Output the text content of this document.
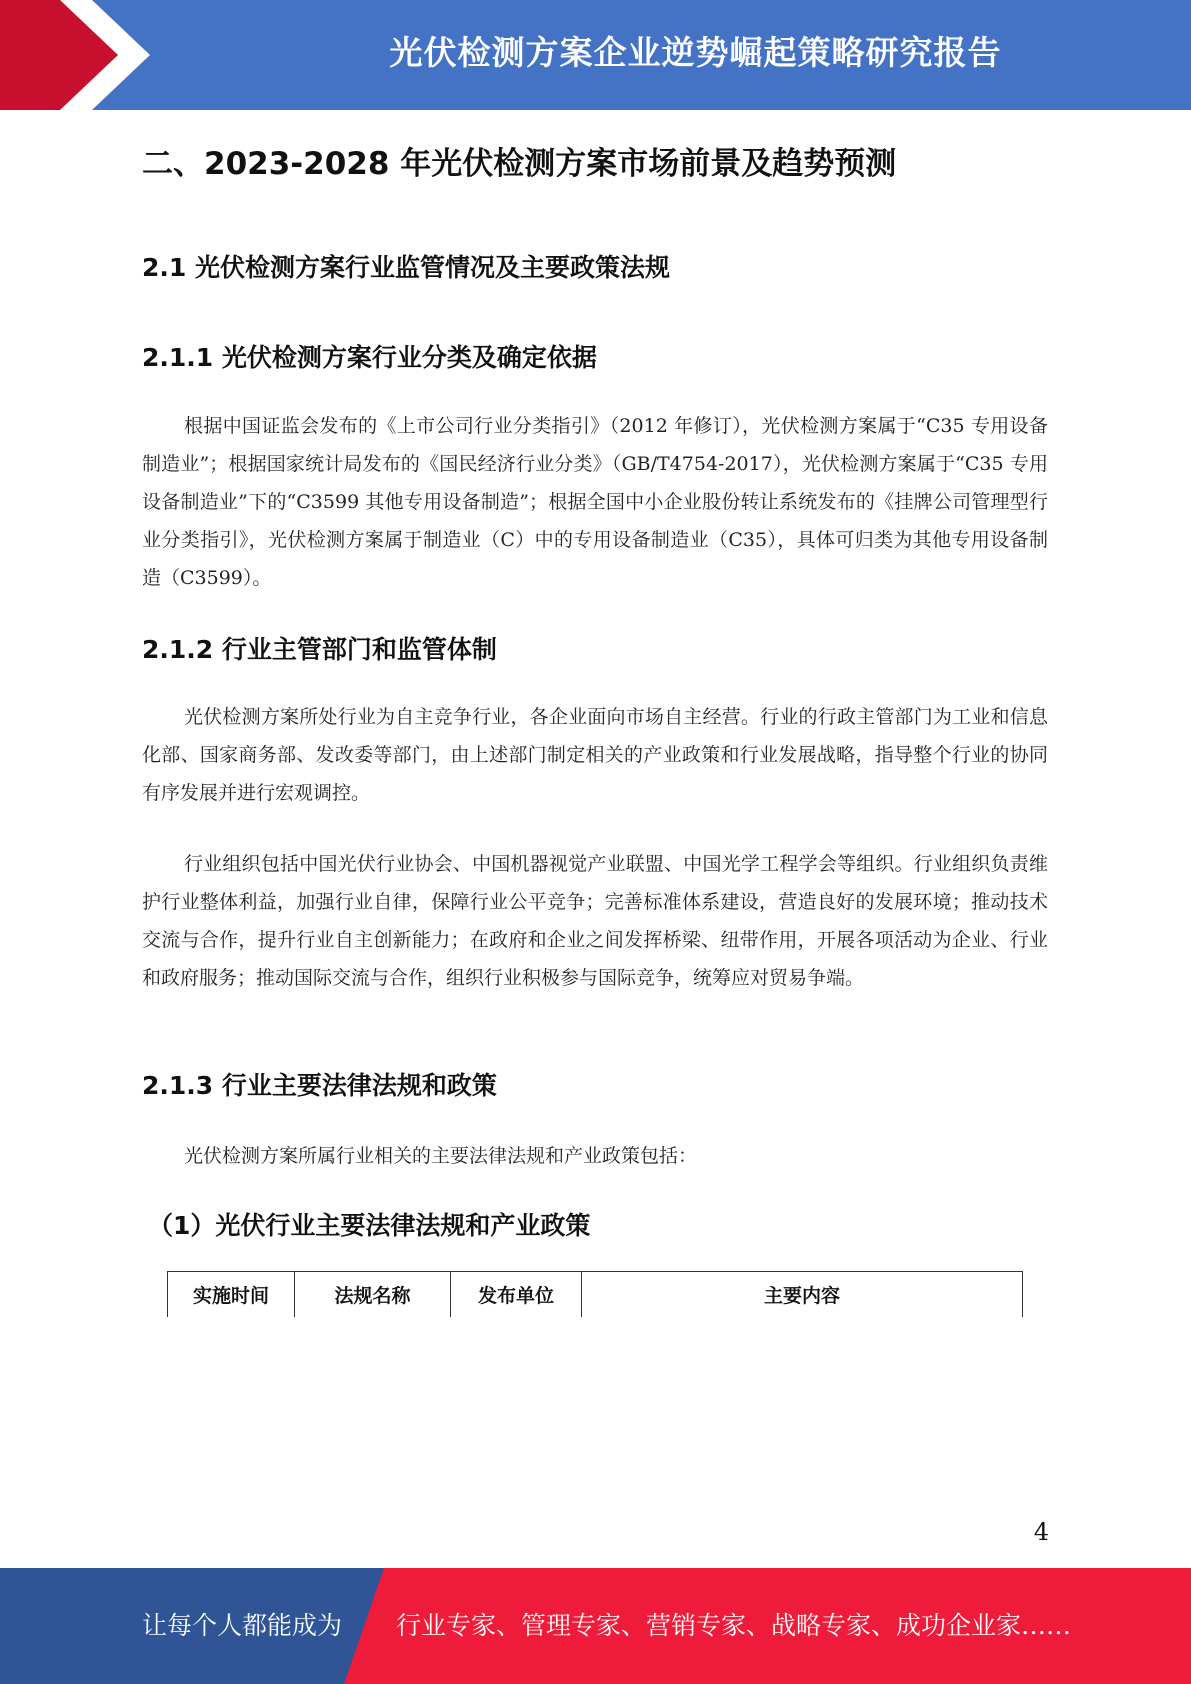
光伏检测方案企业逆势崛起策略研究报告
二、2023-2028 年光伏检测方案市场前景及趋势预测
2.1 光伏检测方案行业监管情况及主要政策法规
2.1.1 光伏检测方案行业分类及确定依据

根据中国证监会发布的《上市公司行业分类指引》（2012 年修订），光伏检测方案属于“C35 专用设备制造业”；根据国家统计局发布的《国民经济行业分类》（GB/T4754-2017），光伏检测方案属于“C35 专用设备制造业”下的“C3599 其他专用设备制造”；根据全国中小企业股份转让系统发布的《挂牌公司管理型行业分类指引》，光伏检测方案属于制造业（C）中的专用设备制造业（C35），具体可归类为其他专用设备制造（C3599）。

2.1.2 行业主管部门和监管体制

光伏检测方案所处行业为自主竞争行业，各企业面向市场自主经营。行业的行政主管部门为工业和信息化部、国家商务部、发改委等部门，由上述部门制定相关的产业政策和行业发展战略，指导整个行业的协同有序发展并进行宏观调控。

行业组织包括中国光伏行业协会、中国机器视觉产业联盟、中国光学工程学会等组织。行业组织负责维护行业整体利益，加强行业自律，保障行业公平竞争；完善标准体系建设，营造良好的发展环境；推动技术交流与合作，提升行业自主创新能力；在政府和企业之间发挥桥梁、纽带作用，开展各项活动为企业、行业和政府服务；推动国际交流与合作，组织行业积极参与国际竞争，统筹应对贸易争端。

2.1.3 行业主要法律法规和政策

光伏检测方案所属行业相关的主要法律法规和产业政策包括：

（1）光伏行业主要法律法规和产业政策
实施时间	法规名称	发布单位	主要内容
4
让每个人都能成为 行业专家、管理专家、营销专家、战略专家、成功企业家……
